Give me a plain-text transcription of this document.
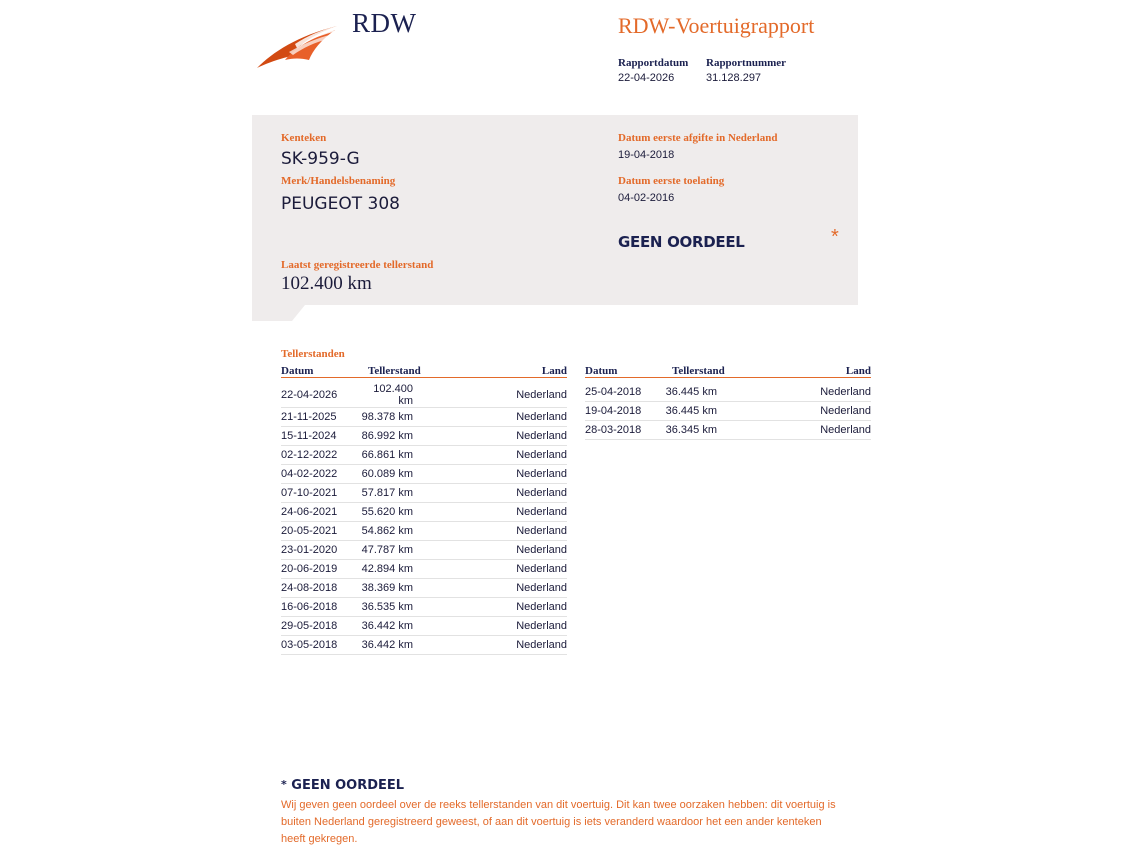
RDW	RDW-Voertuigrapport
Rapportdatum
22-04-2026
Rapportnummer
31.128.297
Kenteken
SK-959-G
Merk/Handelsbenaming
PEUGEOT 308
Datum eerste afgifte in Nederland
19-04-2018
Datum eerste toelating
04-02-2016
GEEN OORDEEL	*
Laatst geregistreerde tellerstand
102.400 km
Tellerstanden
Datum	Tellerstand	Land

22-04-2026	102.400 km	Nederland
21-11-2025	98.378 km	Nederland
15-11-2024	86.992 km	Nederland
02-12-2022	66.861 km	Nederland
04-02-2022	60.089 km	Nederland
07-10-2021	57.817 km	Nederland
24-06-2021	55.620 km	Nederland
20-05-2021	54.862 km	Nederland
23-01-2020	47.787 km	Nederland
20-06-2019	42.894 km	Nederland
24-08-2018	38.369 km	Nederland
16-06-2018	36.535 km	Nederland
29-05-2018	36.442 km	Nederland
03-05-2018	36.442 km	Nederland
Datum	Tellerstand	Land

25-04-2018	36.445 km	Nederland
19-04-2018	36.445 km	Nederland
28-03-2018	36.345 km	Nederland
* GEEN OORDEEL
Wij geven geen oordeel over de reeks tellerstanden van dit voertuig. Dit kan twee oorzaken hebben: dit voertuig is buiten Nederland geregistreerd geweest, of aan dit voertuig is iets veranderd waardoor het een ander kenteken heeft gekregen.
